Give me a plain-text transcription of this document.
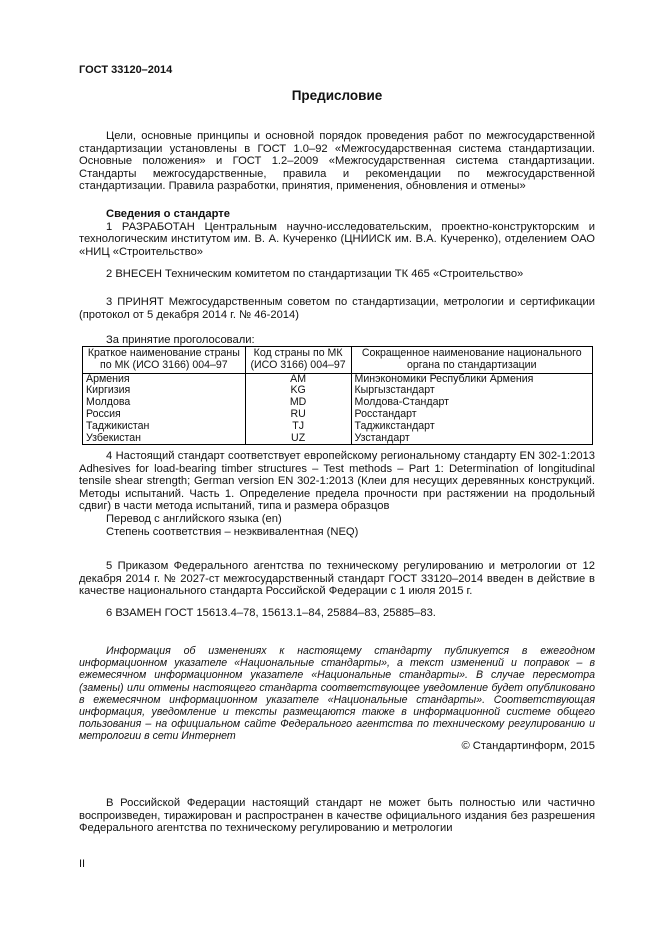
ГОСТ 33120–2014
Предисловие

Цели, основные принципы и основной порядок проведения работ по межгосударственной стандартизации установлены в ГОСТ 1.0–92 «Межгосударственная система стандартизации. Основные положения» и ГОСТ 1.2–2009 «Межгосударственная система стандартизации. Стандарты межгосударственные, правила и рекомендации по межгосударственной стандартизации. Правила разработки, принятия, применения, обновления и отмены»

Сведения о стандарте

1 РАЗРАБОТАН Центральным научно-исследовательским, проектно-конструкторским и технологическим институтом им. В. А. Кучеренко (ЦНИИСК им. В.А. Кучеренко), отделением ОАО «НИЦ «Строительство»

2 ВНЕСЕН Техническим комитетом по стандартизации ТК 465 «Строительство»

3 ПРИНЯТ Межгосударственным советом по стандартизации, метрологии и сертификации (протокол от 5 декабря 2014 г. № 46-2014)

За принятие проголосовали:
Краткое наименование страны по МК (ИСО 3166) 004–97	Код страны по МК (ИСО 3166) 004–97	Сокращенное наименование национального органа по стандартизации
Армения	AM	Минэкономики Республики Армения
Киргизия	KG	Кыргызстандарт
Молдова	MD	Молдова-Стандарт
Россия	RU	Росстандарт
Таджикистан	TJ	Таджикстандарт
Узбекистан	UZ	Узстандарт

4 Настоящий стандарт соответствует европейскому региональному стандарту EN 302-1:2013 Adhesives for load-bearing timber structures – Test methods – Part 1: Determination of longitudinal tensile shear strength; German version EN 302-1:2013 (Клеи для несущих деревянных конструкций. Методы испытаний. Часть 1. Определение предела прочности при растяжении на продольный сдвиг) в части метода испытаний, типа и размера образцов

Перевод с английского языка (en)
Степень соответствия – неэквивалентная (NEQ)

5 Приказом Федерального агентства по техническому регулированию и метрологии от 12 декабря 2014 г. № 2027-ст межгосударственный стандарт ГОСТ 33120–2014 введен в действие в качестве национального стандарта Российской Федерации с 1 июля 2015 г.

6 ВЗАМЕН ГОСТ 15613.4–78, 15613.1–84, 25884–83, 25885–83.

Информация об изменениях к настоящему стандарту публикуется в ежегодном информационном указателе «Национальные стандарты», а текст изменений и поправок – в ежемесячном информационном указателе «Национальные стандарты». В случае пересмотра (замены) или отмены настоящего стандарта соответствующее уведомление будет опубликовано в ежемесячном информационном указателе «Национальные стандарты». Соответствующая информация, уведомление и тексты размещаются также в информационной системе общего пользования – на официальном сайте Федерального агентства по техническому регулированию и метрологии в сети Интернет

© Стандартинформ, 2015

В Российской Федерации настоящий стандарт не может быть полностью или частично воспроизведен, тиражирован и распространен в качестве официального издания без разрешения Федерального агентства по техническому регулированию и метрологии

II
